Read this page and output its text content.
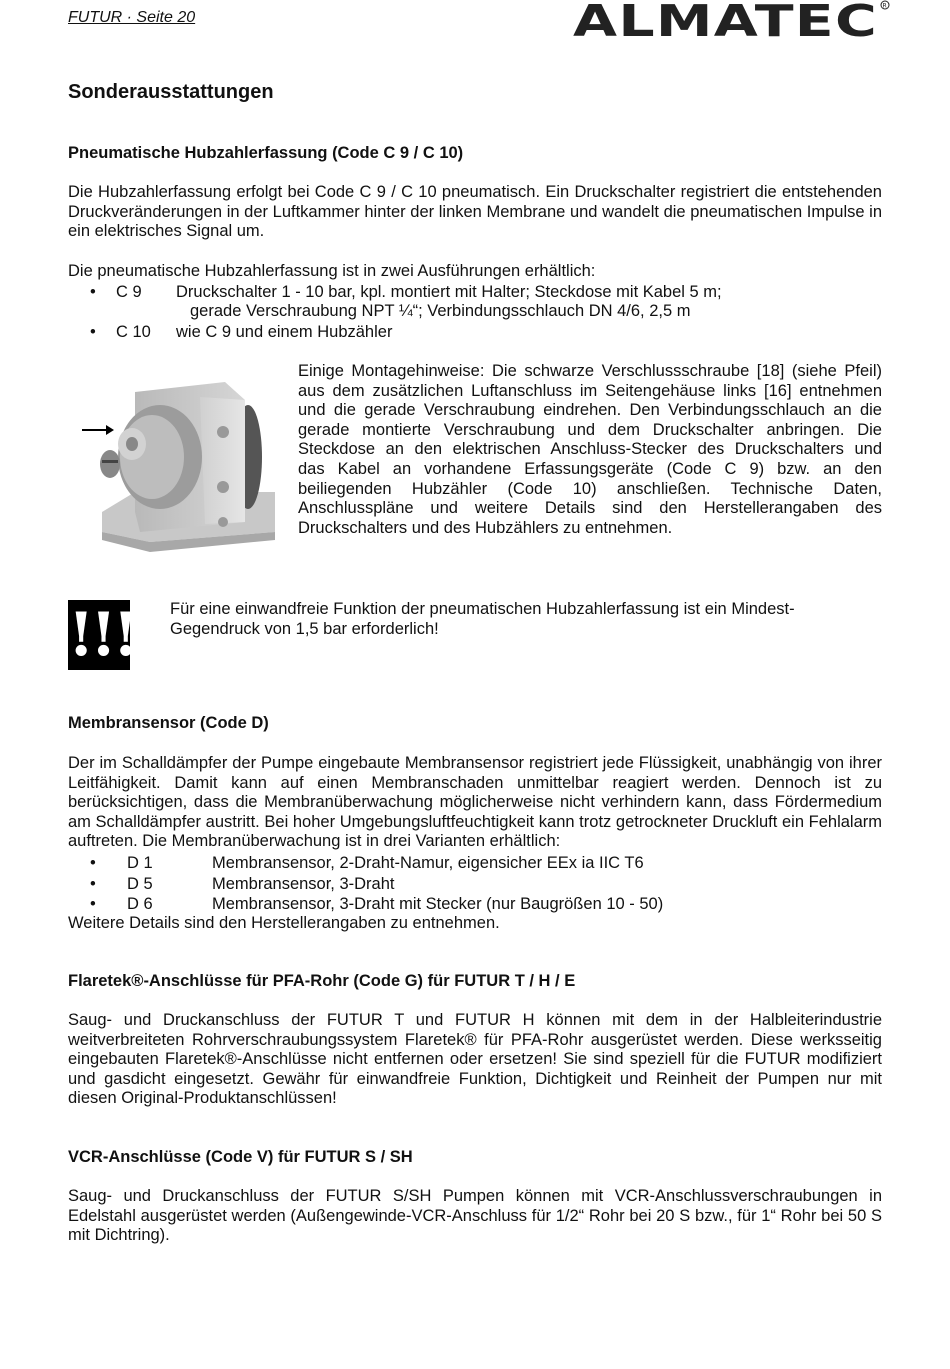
FUTUR · Seite 20	ALMATEC R
Sonderausstattungen
Pneumatische Hubzahlerfassung (Code C 9 / C 10)
Die Hubzahlerfassung erfolgt bei Code C 9 / C 10 pneumatisch. Ein Druckschalter registriert die entstehenden Druckveränderungen in der Luftkammer hinter der linken Membrane und wandelt die pneumatischen Impulse in ein elektrisches Signal um.
Die pneumatische Hubzahlerfassung ist in zwei Ausführungen erhältlich:
• C 9 Druckschalter 1 - 10 bar, kpl. montiert mit Halter; Steckdose mit Kabel 5 m;
gerade Verschraubung NPT ¼“; Verbindungsschlauch DN 4/6, 2,5 m
• C 10 wie C 9 und einem Hubzähler
Einige Montagehinweise: Die schwarze Verschlussschraube [18] (siehe Pfeil)
aus dem zusätzlichen Luftanschluss im Seitengehäuse links [16] entnehmen
und die gerade Verschraubung eindrehen. Den Verbindungsschlauch an die
gerade montierte Verschraubung und dem Druckschalter anbringen. Die
Steckdose an den elektrischen Anschluss-Stecker des Druckschalters und
das Kabel an vorhandene Erfassungsgeräte (Code C 9) bzw. an den
beiliegenden Hubzähler (Code 10) anschließen. Technische Daten,
Anschlusspläne und weitere Details sind den Herstellerangaben des
Druckschalters und des Hubzählers zu entnehmen.
!!! Für eine einwandfreie Funktion der pneumatischen Hubzahlerfassung ist ein Mindest-
Gegendruck von 1,5 bar erforderlich!
Membransensor (Code D)
Der im Schalldämpfer der Pumpe eingebaute Membransensor registriert jede Flüssigkeit, unabhängig von ihrer Leitfähigkeit. Damit kann auf einen Membranschaden unmittelbar reagiert werden. Dennoch ist zu berücksichtigen, dass die Membranüberwachung möglicherweise nicht verhindern kann, dass Fördermedium am Schalldämpfer austritt. Bei hoher Umgebungsluftfeuchtigkeit kann trotz getrockneter Druckluft ein Fehlalarm auftreten. Die Membranüberwachung ist in drei Varianten erhältlich:
• D 1	Membransensor, 2-Draht-Namur, eigensicher EEx ia IIC T6
• D 5	Membransensor, 3-Draht
• D 6	Membransensor, 3-Draht mit Stecker (nur Baugrößen 10 - 50)
Weitere Details sind den Herstellerangaben zu entnehmen.
Flaretek®-Anschlüsse für PFA-Rohr (Code G) für FUTUR T / H / E
Saug- und Druckanschluss der FUTUR T und FUTUR H können mit dem in der Halbleiterindustrie weitverbreiteten Rohrverschraubungssystem Flaretek® für PFA-Rohr ausgerüstet werden. Diese werksseitig eingebauten Flaretek®-Anschlüsse nicht entfernen oder ersetzen! Sie sind speziell für die FUTUR modifiziert und gasdicht eingesetzt. Gewähr für einwandfreie Funktion, Dichtigkeit und Reinheit der Pumpen nur mit diesen Original-Produktanschlüssen!
VCR-Anschlüsse (Code V) für FUTUR S / SH
Saug- und Druckanschluss der FUTUR S/SH Pumpen können mit VCR-Anschlussverschraubungen in Edelstahl ausgerüstet werden (Außengewinde-VCR-Anschluss für 1/2“ Rohr bei 20 S bzw., für 1“ Rohr bei 50 S mit Dichtring).
